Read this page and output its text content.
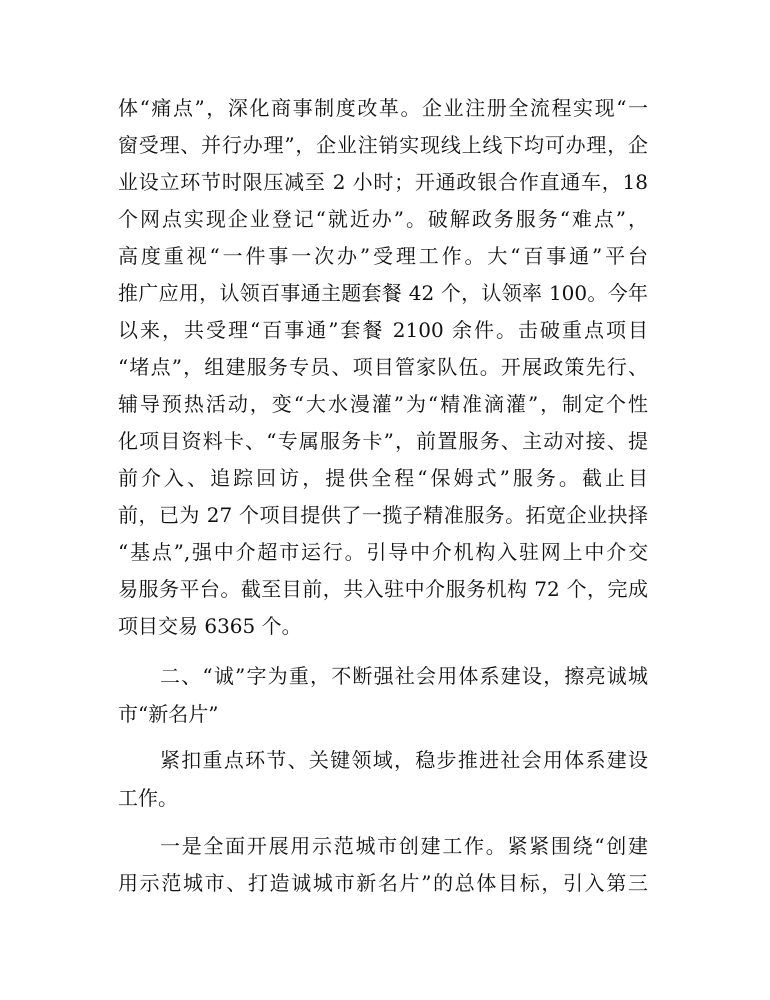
体“痛点”，深化商事制度改革。企业注册全流程实现“一
窗受理、并行办理”，企业注销实现线上线下均可办理，企
业设立环节时限压减至 2 小时；开通政银合作直通车，18
个网点实现企业登记“就近办”。破解政务服务“难点”，
高度重视“一件事一次办”受理工作。大“百事通”平台
推广应用，认领百事通主题套餐 42 个，认领率 100。今年
以来，共受理“百事通”套餐 2100 余件。击破重点项目
“堵点”，组建服务专员、项目管家队伍。开展政策先行、
辅导预热活动，变“大水漫灌”为“精准滴灌”，制定个性
化项目资料卡、“专属服务卡”，前置服务、主动对接、提
前介入、追踪回访，提供全程“保姆式”服务。截止目
前，已为 27 个项目提供了一揽子精准服务。拓宽企业抉择
“基点”,强中介超市运行。引导中介机构入驻网上中介交
易服务平台。截至目前，共入驻中介服务机构 72 个，完成
项目交易 6365 个。
二、“诚”字为重，不断强社会用体系建设，擦亮诚城
市“新名片”
紧扣重点环节、关键领域，稳步推进社会用体系建设
工作。
一是全面开展用示范城市创建工作。紧紧围绕“创建
用示范城市、打造诚城市新名片”的总体目标，引入第三
